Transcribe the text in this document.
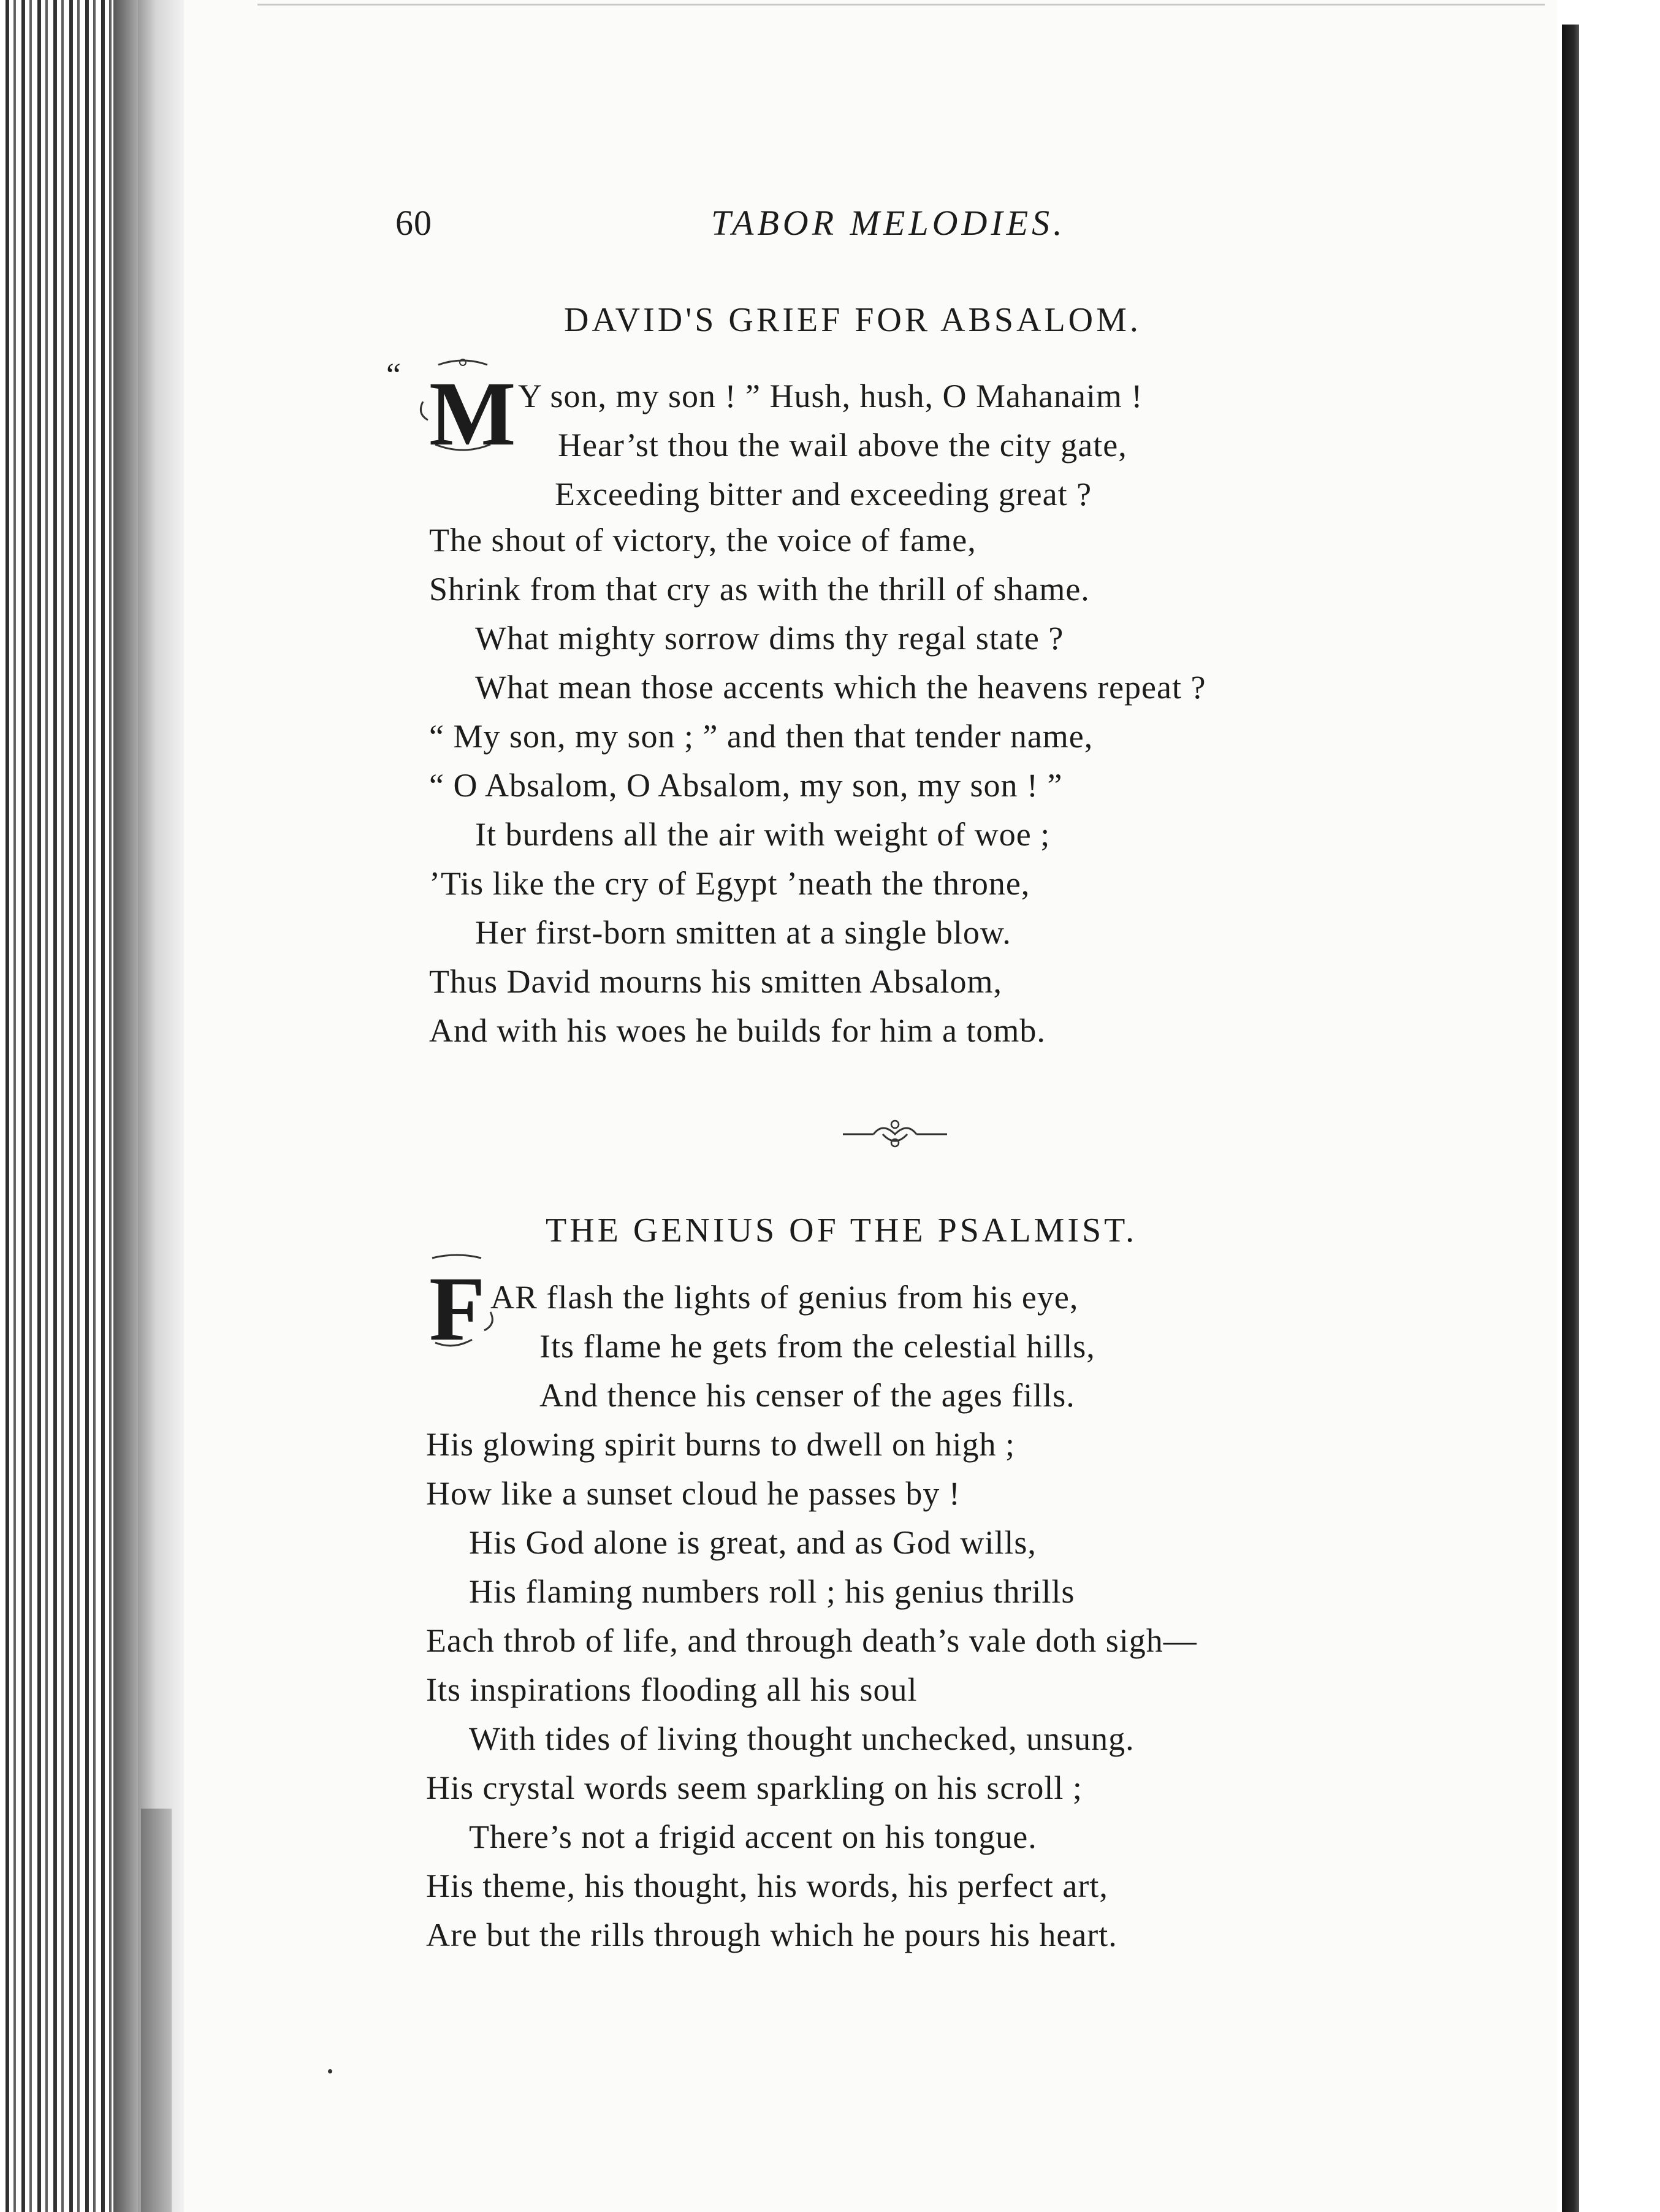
60	TABOR MELODIES.
DAVID'S GRIEF FOR ABSALOM.
“ M Y son, my son ! ” Hush, hush, O Mahanaim !
Hear’st thou the wail above the city gate,
Exceeding bitter and exceeding great ?
The shout of victory, the voice of fame,
Shrink from that cry as with the thrill of shame.
What mighty sorrow dims thy regal state ?
What mean those accents which the heavens repeat ?
“ My son, my son ; ” and then that tender name,
“ O Absalom, O Absalom, my son, my son ! ”
It burdens all the air with weight of woe ;
’Tis like the cry of Egypt ’neath the throne,
Her first-born smitten at a single blow.
Thus David mourns his smitten Absalom,
And with his woes he builds for him a tomb.
THE GENIUS OF THE PSALMIST.
F AR flash the lights of genius from his eye,
Its flame he gets from the celestial hills,
And thence his censer of the ages fills.
His glowing spirit burns to dwell on high ;
How like a sunset cloud he passes by !
His God alone is great, and as God wills,
His flaming numbers roll ; his genius thrills
Each throb of life, and through death’s vale doth sigh—
Its inspirations flooding all his soul
With tides of living thought unchecked, unsung.
His crystal words seem sparkling on his scroll ;
There’s not a frigid accent on his tongue.
His theme, his thought, his words, his perfect art,
Are but the rills through which he pours his heart.
